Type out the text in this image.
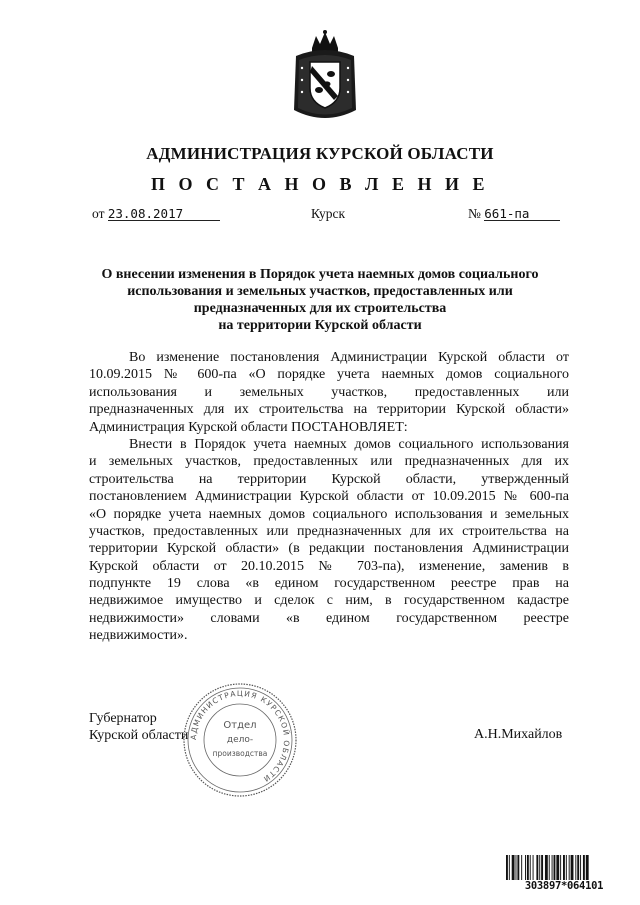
АДМИНИСТРАЦИЯ КУРСКОЙ ОБЛАСТИ
П О С Т А Н О В Л Е Н И Е
от 23.08.2017	Курск	№ 661-па
О внесении изменения в Порядок учета наемных домов социального
использования и земельных участков, предоставленных или
предназначенных для их строительства
на территории Курской области
Во изменение постановления Администрации Курской области от
10.09.2015 № 600-па «О порядке учета наемных домов социального
использования и земельных участков, предоставленных или
предназначенных для их строительства на территории Курской области»
Администрация Курской области ПОСТАНОВЛЯЕТ:
Внести в Порядок учета наемных домов социального использования
и земельных участков, предоставленных или предназначенных для их
строительства на территории Курской области, утвержденный
постановлением Администрации Курской области от 10.09.2015 № 600-па
«О порядке учета наемных домов социального использования и земельных
участков, предоставленных или предназначенных для их строительства на
территории Курской области» (в редакции постановления Администрации
Курской области от 20.10.2015 № 703-па), изменение, заменив в
подпункте 19 слова «в едином государственном реестре прав на
недвижимое имущество и сделок с ним, в государственном кадастре
недвижимости» словами «в едином государственном реестре
недвижимости».
АДМИНИСТРАЦИЯ КУРСКОЙ ОБЛАСТИ
Отдел
дело-
производства
Губернатор
Курской области	А.Н.Михайлов
303897*064101
